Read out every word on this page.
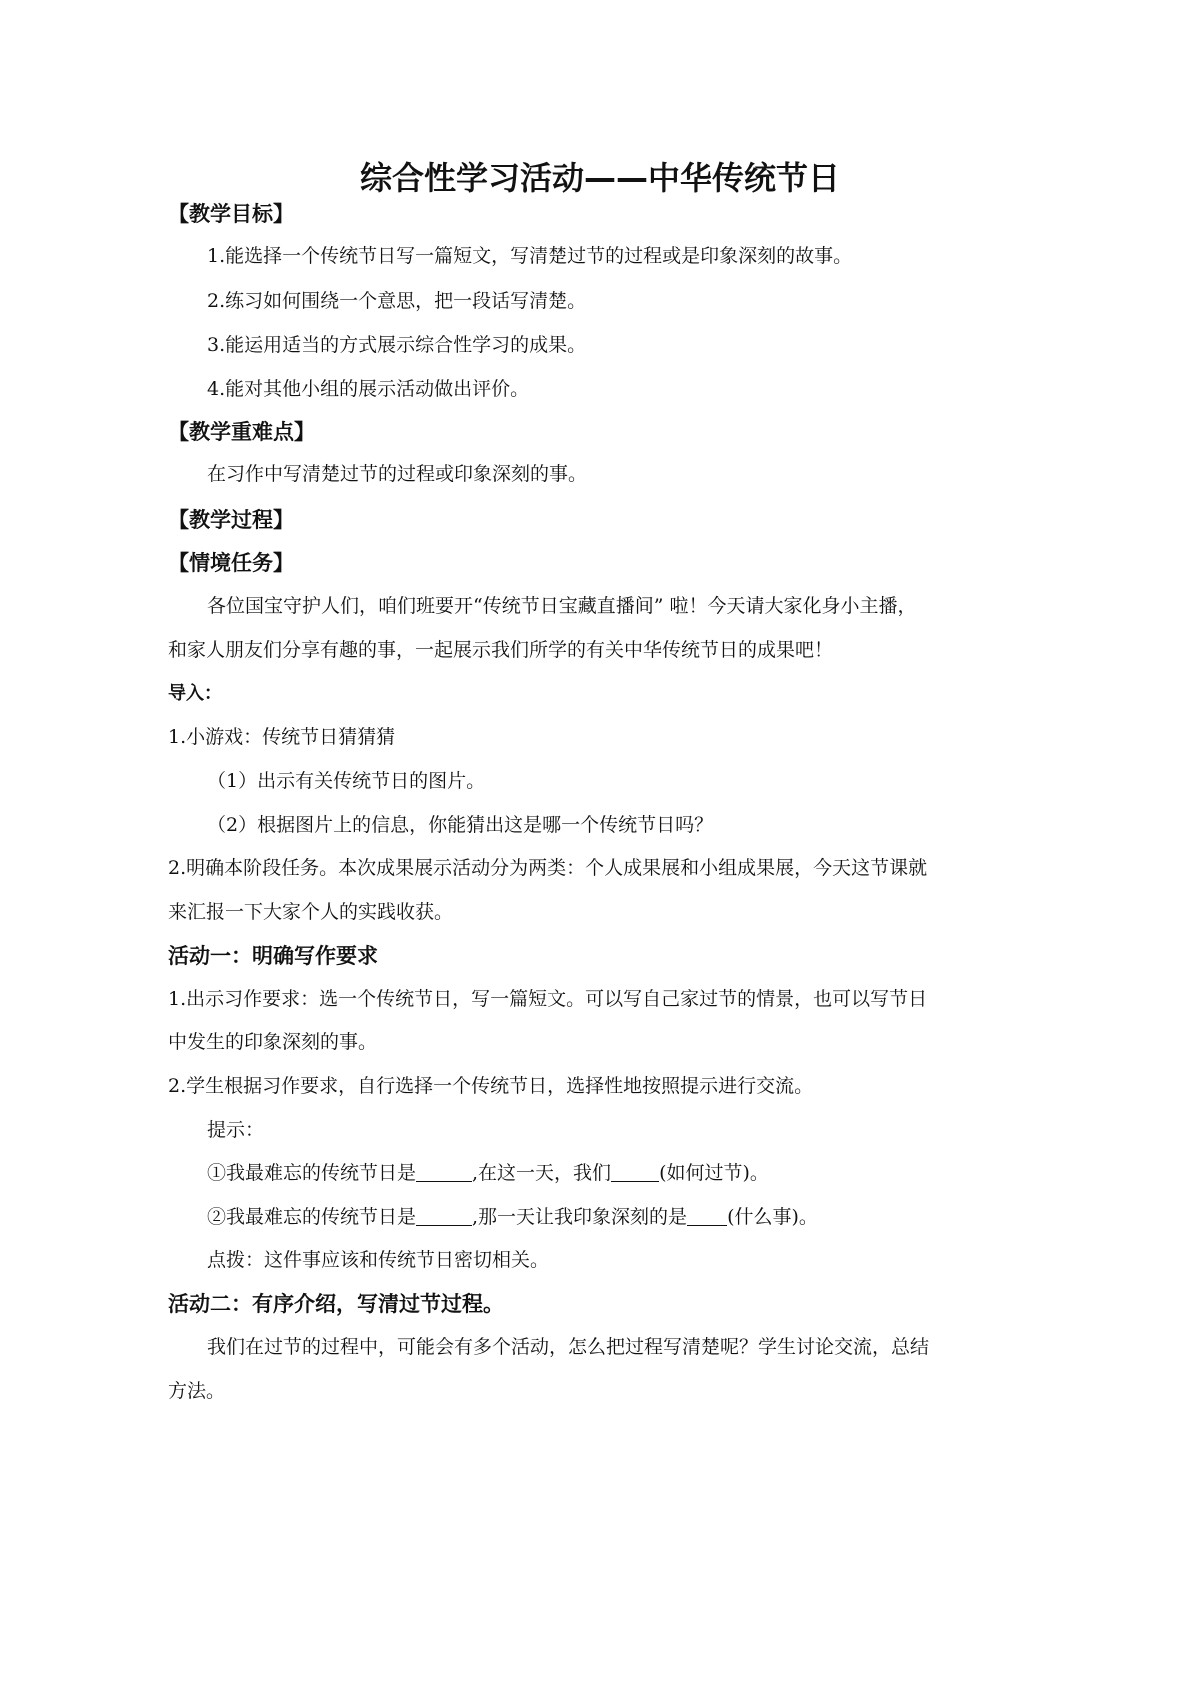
综合性学习活动——中华传统节日
【教学目标】
1.能选择一个传统节日写一篇短文，写清楚过节的过程或是印象深刻的故事。
2.练习如何围绕一个意思，把一段话写清楚。
3.能运用适当的方式展示综合性学习的成果。
4.能对其他小组的展示活动做出评价。
【教学重难点】
在习作中写清楚过节的过程或印象深刻的事。
【教学过程】
【情境任务】
各位国宝守护人们，咱们班要开“传统节日宝藏直播间” 啦！今天请大家化身小主播，
和家人朋友们分享有趣的事，一起展示我们所学的有关中华传统节日的成果吧！
导入：
1.小游戏：传统节日猜猜猜
（1）出示有关传统节日的图片。
（2）根据图片上的信息，你能猜出这是哪一个传统节日吗？
2.明确本阶段任务。本次成果展示活动分为两类：个人成果展和小组成果展，今天这节课就
来汇报一下大家个人的实践收获。
活动一：明确写作要求
1.出示习作要求：选一个传统节日，写一篇短文。可以写自己家过节的情景，也可以写节日
中发生的印象深刻的事。
2.学生根据习作要求，自行选择一个传统节日，选择性地按照提示进行交流。
提示：
①我最难忘的传统节日是	,在这一天，我们	(如何过节)。
②我最难忘的传统节日是	,那一天让我印象深刻的是 (什么事)。
点拨：这件事应该和传统节日密切相关。
活动二：有序介绍，写清过节过程。
我们在过节的过程中，可能会有多个活动，怎么把过程写清楚呢？学生讨论交流，总结
方法。
